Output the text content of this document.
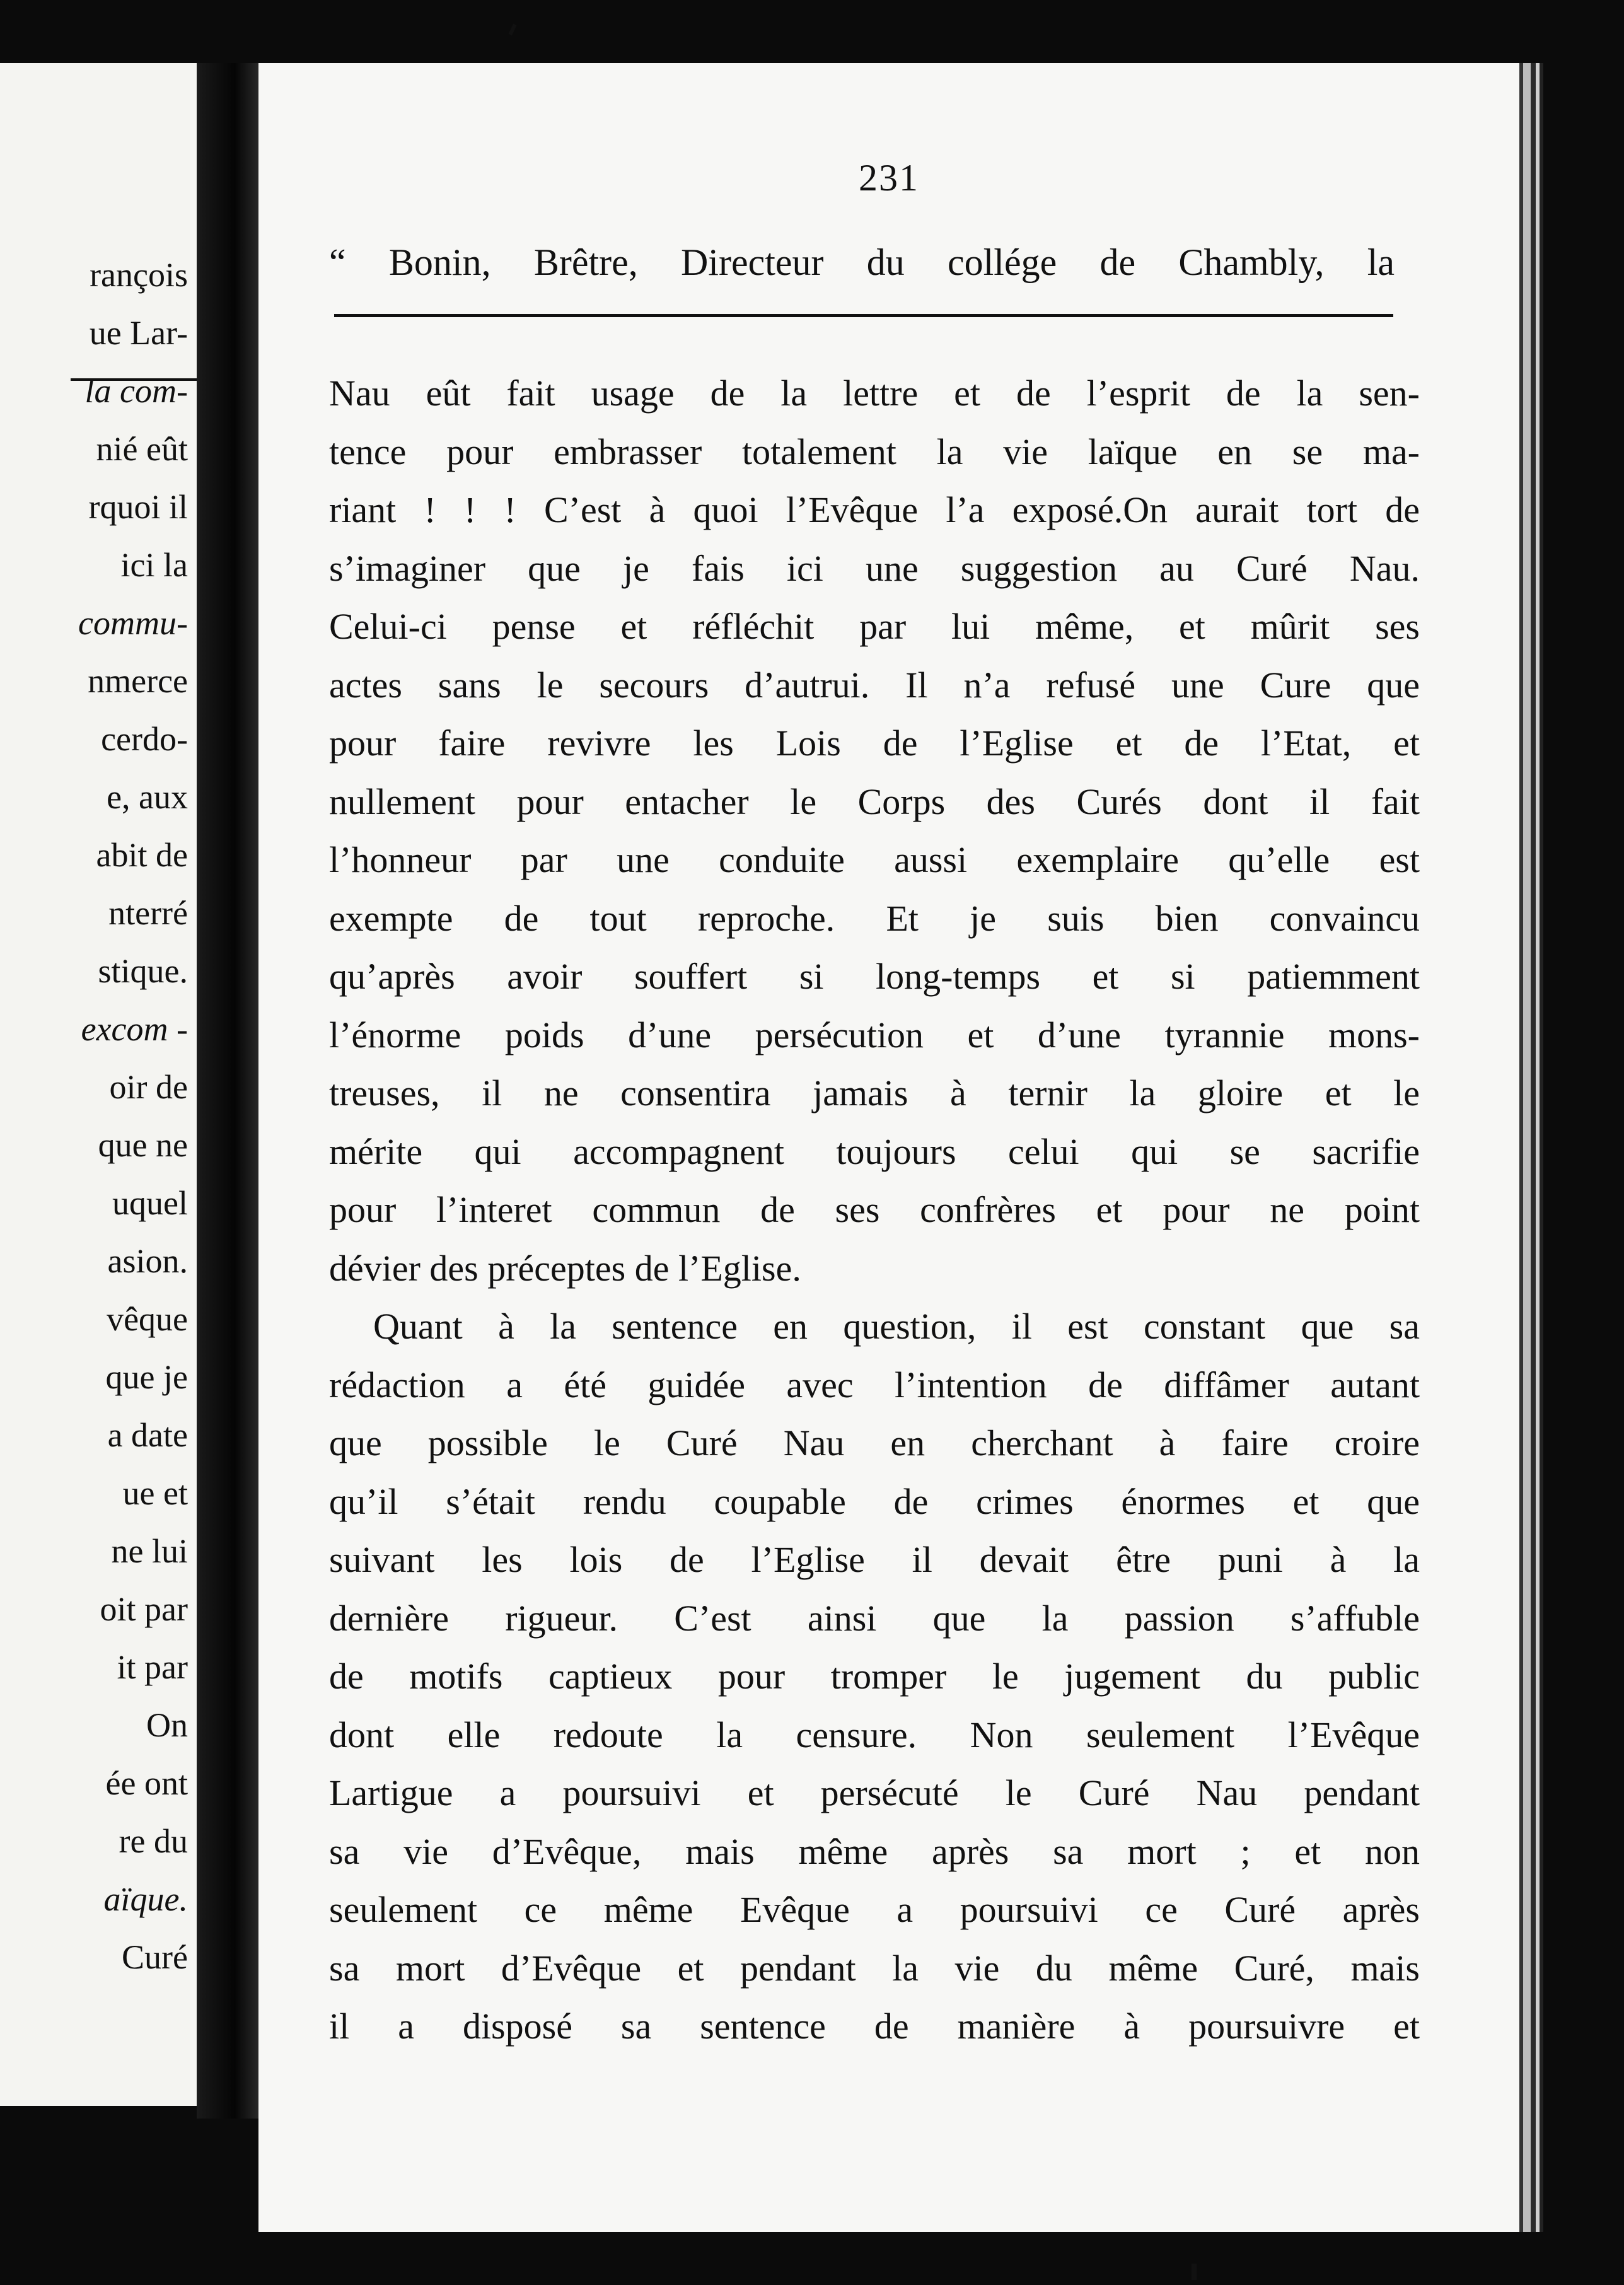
rançois
ue Lar-
la com-
nié eût
rquoi il
ici la
commu-
nmerce
cerdo-
e, aux
abit de
nterré
stique.
excom -
oir de
que ne
uquel
asion.
vêque
que je
a date
ue et
ne lui
oit par
it par
On
ée ont
re du
aïque.
Curé
231
“ Bonin, Brêtre, Directeur du collége de Chambly, la
Nau eût fait usage de la lettre et de l’esprit de la sen-
tence pour embrasser totalement la vie laïque en se ma-
riant ! ! ! C’est à quoi l’Evêque l’a exposé.On aurait tort de
s’imaginer que je fais ici une suggestion au Curé Nau.
Celui-ci pense et réfléchit par lui même, et mûrit ses
actes sans le secours d’autrui. Il n’a refusé une Cure que
pour faire revivre les Lois de l’Eglise et de l’Etat, et
nullement pour entacher le Corps des Curés dont il fait
l’honneur par une conduite aussi exemplaire qu’elle est
exempte de tout reproche. Et je suis bien convaincu
qu’après avoir souffert si long-temps et si patiemment
l’énorme poids d’une persécution et d’une tyrannie mons-
treuses, il ne consentira jamais à ternir la gloire et le
mérite qui accompagnent toujours celui qui se sacrifie
pour l’interet commun de ses confrères et pour ne point
dévier des préceptes de l’Eglise.
Quant à la sentence en question, il est constant que sa
rédaction a été guidée avec l’intention de diffâmer autant
que possible le Curé Nau en cherchant à faire croire
qu’il s’était rendu coupable de crimes énormes et que
suivant les lois de l’Eglise il devait être puni à la
dernière rigueur. C’est ainsi que la passion s’affuble
de motifs captieux pour tromper le jugement du public
dont elle redoute la censure. Non seulement l’Evêque
Lartigue a poursuivi et persécuté le Curé Nau pendant
sa vie d’Evêque, mais même après sa mort ; et non
seulement ce même Evêque a poursuivi ce Curé après
sa mort d’Evêque et pendant la vie du même Curé, mais
il a disposé sa sentence de manière à poursuivre et
